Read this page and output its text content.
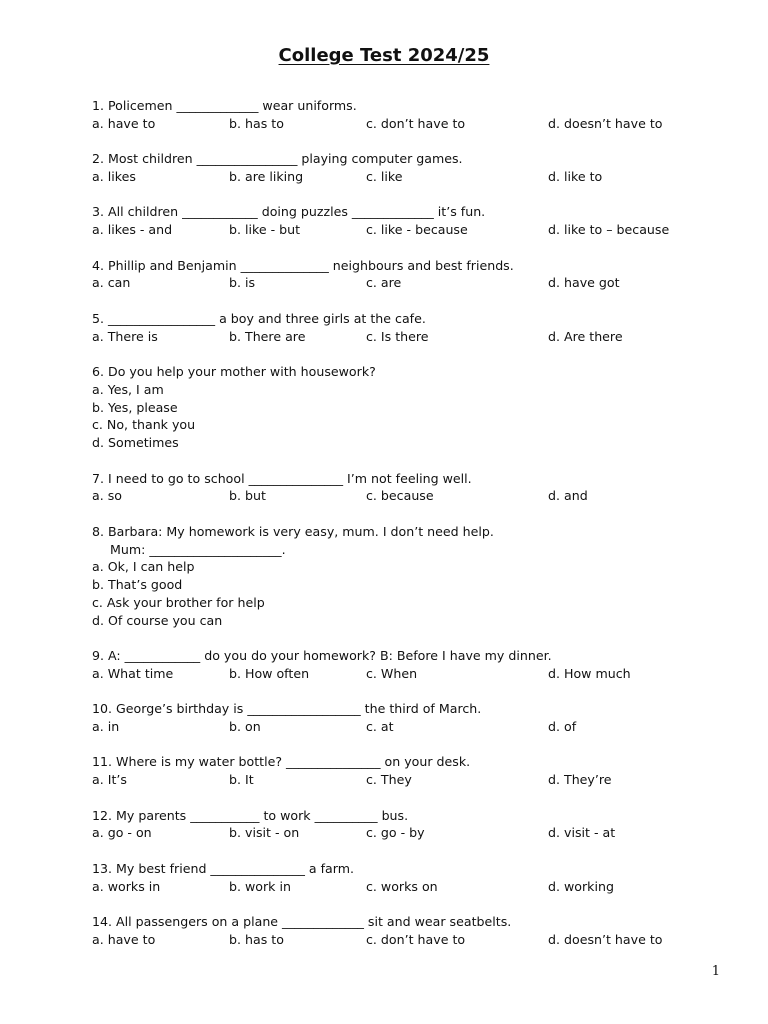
College Test 2024/25
1. Policemen _____________ wear uniforms.
a. have to	b. has to	c. don’t have to	d. doesn’t have to
2. Most children ________________ playing computer games.
a. likes	b. are liking	c. like	d. like to
3. All children ____________ doing puzzles _____________ it’s fun.
a. likes - and	b. like - but	c. like - because	d. like to – because
4. Phillip and Benjamin ______________ neighbours and best friends.
a. can	b. is	c. are	d. have got
5. _________________ a boy and three girls at the cafe.
a. There is	b. There are	c. Is there	d. Are there
6. Do you help your mother with housework?
a. Yes, I am
b. Yes, please
c. No, thank you
d. Sometimes
7. I need to go to school _______________ I’m not feeling well.
a. so	b. but	c. because	d. and
8. Barbara: My homework is very easy, mum. I don’t need help.
Mum: _____________________.
a. Ok, I can help
b. That’s good
c. Ask your brother for help
d. Of course you can
9. A: ____________ do you do your homework? B: Before I have my dinner.
a. What time	b. How often	c. When	d. How much
10. George’s birthday is __________________ the third of March.
a. in	b. on	c. at	d. of
11. Where is my water bottle? _______________ on your desk.
a. It’s	b. It	c. They	d. They’re
12. My parents ___________ to work __________ bus.
a. go - on	b. visit - on	c. go - by	d. visit - at
13. My best friend _______________ a farm.
a. works in	b. work in	c. works on	d. working
14. All passengers on a plane _____________ sit and wear seatbelts.
a. have to	b. has to	c. don’t have to	d. doesn’t have to
1
